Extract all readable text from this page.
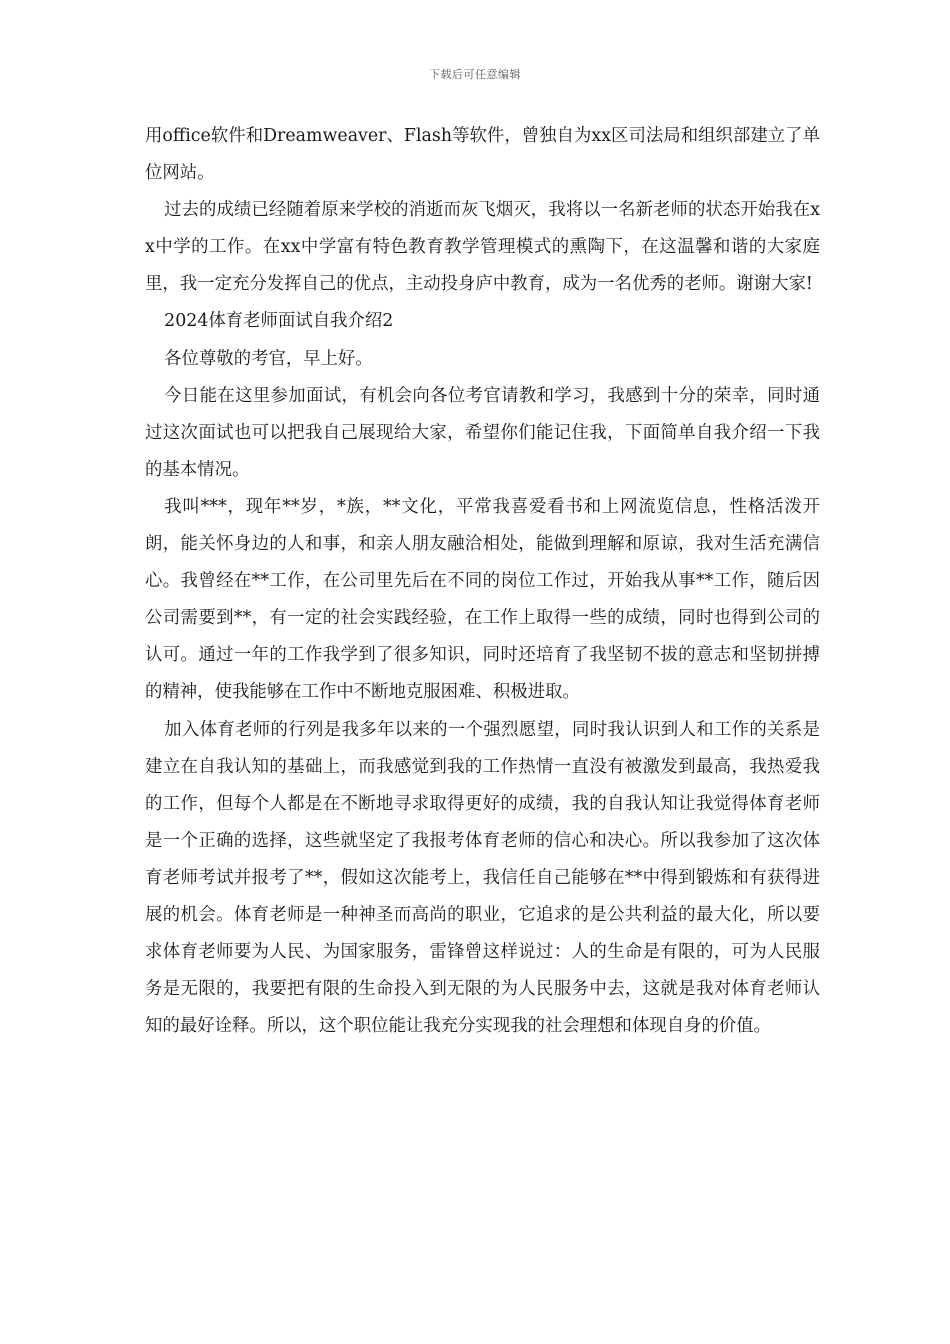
下载后可任意编辑

用office软件和Dreamweaver、Flash等软件，曾独自为xx区司法局和组织部建立了单位网站。

过去的成绩已经随着原来学校的消逝而灰飞烟灭，我将以一名新老师的状态开始我在xx中学的工作。在xx中学富有特色教育教学管理模式的熏陶下，在这温馨和谐的大家庭里，我一定充分发挥自己的优点，主动投身庐中教育，成为一名优秀的老师。谢谢大家!

2024体育老师面试自我介绍2

各位尊敬的考官，早上好。

今日能在这里参加面试，有机会向各位考官请教和学习，我感到十分的荣幸，同时通过这次面试也可以把我自己展现给大家，希望你们能记住我，下面简单自我介绍一下我的基本情况。

我叫***，现年**岁，*族，**文化，平常我喜爱看书和上网流览信息，性格活泼开朗，能关怀身边的人和事，和亲人朋友融洽相处，能做到理解和原谅，我对生活充满信心。我曾经在**工作，在公司里先后在不同的岗位工作过，开始我从事**工作，随后因公司需要到**，有一定的社会实践经验，在工作上取得一些的成绩，同时也得到公司的认可。通过一年的工作我学到了很多知识，同时还培育了我坚韧不拔的意志和坚韧拼搏的精神，使我能够在工作中不断地克服困难、积极进取。

加入体育老师的行列是我多年以来的一个强烈愿望，同时我认识到人和工作的关系是建立在自我认知的基础上，而我感觉到我的工作热情一直没有被激发到最高，我热爱我的工作，但每个人都是在不断地寻求取得更好的成绩，我的自我认知让我觉得体育老师是一个正确的选择，这些就坚定了我报考体育老师的信心和决心。所以我参加了这次体育老师考试并报考了**，假如这次能考上，我信任自己能够在**中得到锻炼和有获得进展的机会。体育老师是一种神圣而高尚的职业，它追求的是公共利益的最大化，所以要求体育老师要为人民、为国家服务，雷锋曾这样说过：人的生命是有限的，可为人民服务是无限的，我要把有限的生命投入到无限的为人民服务中去，这就是我对体育老师认知的最好诠释。所以，这个职位能让我充分实现我的社会理想和体现自身的价值。
